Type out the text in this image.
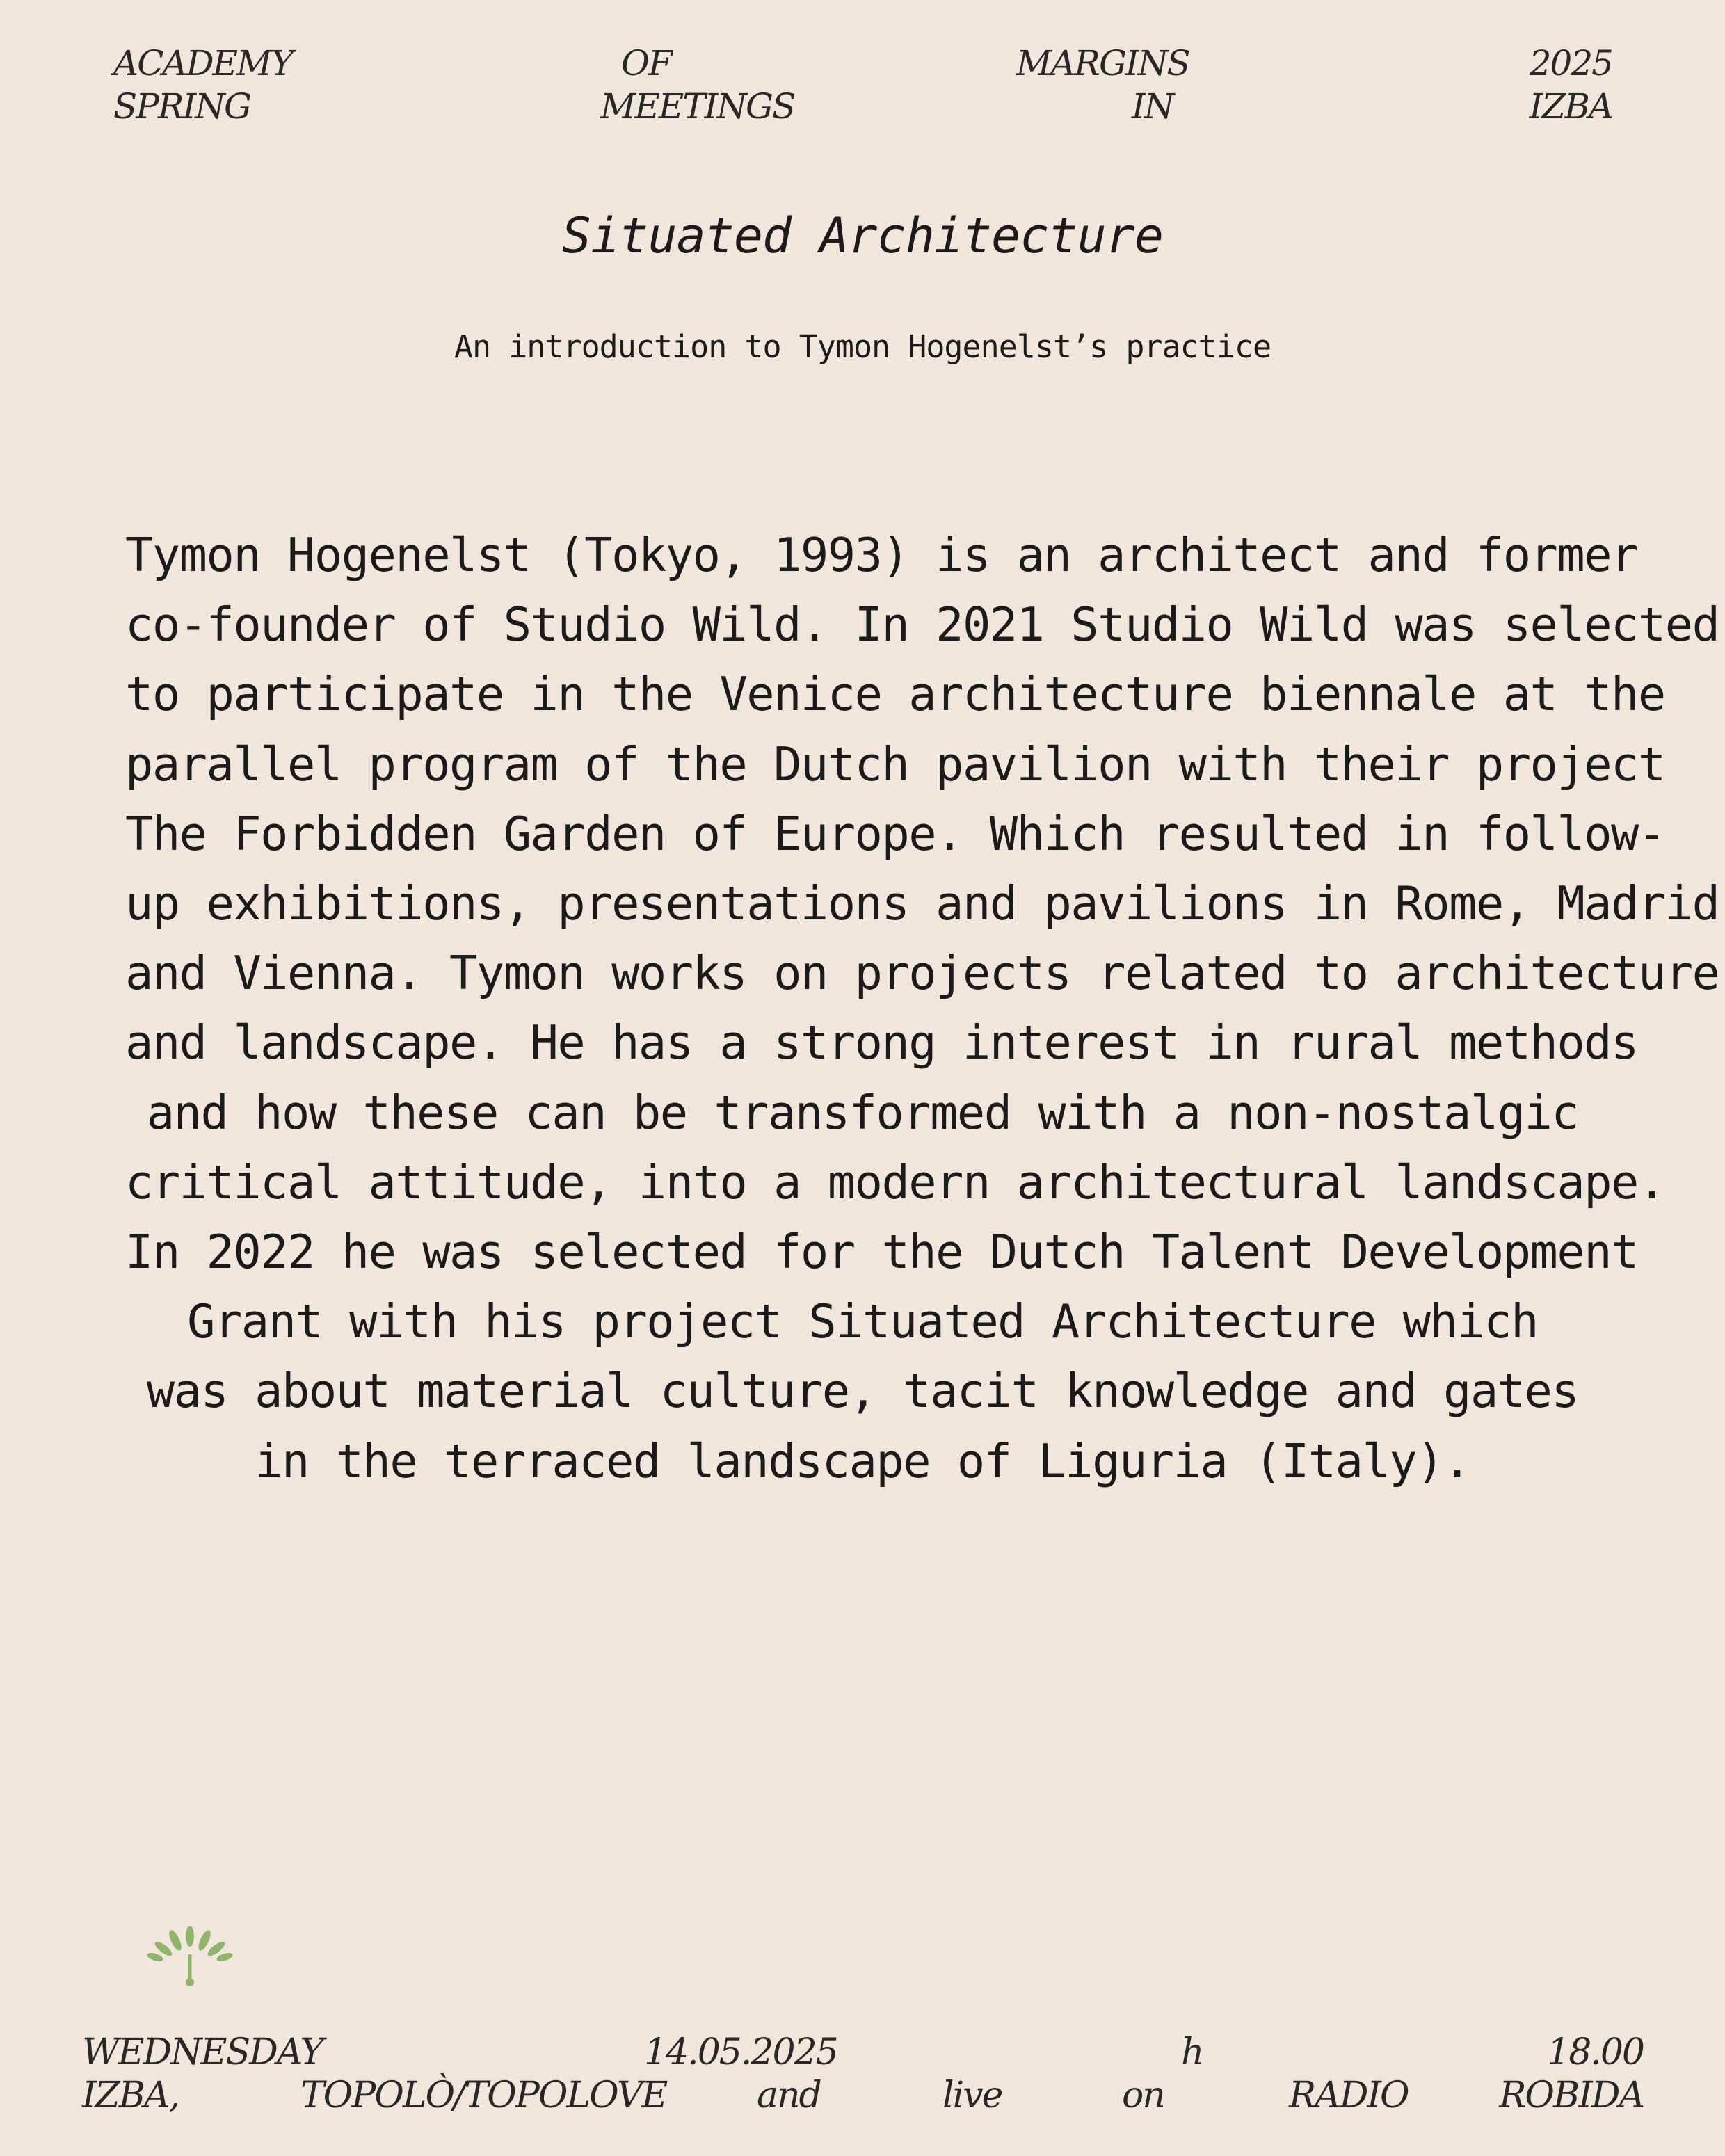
ACADEMY	OF	MARGINS	2025
SPRING	MEETINGS	IN	IZBA
Situated Architecture
An introduction to Tymon Hogenelst’s practice
Tymon Hogenelst (Tokyo, 1993) is an architect and former
co-founder of Studio Wild. In 2021 Studio Wild was selected
to participate in the Venice architecture biennale at the
parallel program of the Dutch pavilion with their project
The Forbidden Garden of Europe. Which resulted in follow-
up exhibitions, presentations and pavilions in Rome, Madrid
and Vienna. Tymon works on projects related to architecture
and landscape. He has a strong interest in rural methods
and how these can be transformed with a non-nostalgic
critical attitude, into a modern architectural landscape.
In 2022 he was selected for the Dutch Talent Development
Grant with his project Situated Architecture which
was about material culture, tacit knowledge and gates
in the terraced landscape of Liguria (Italy).
WEDNESDAY	14.05.2025	h	18.00
IZBA,	TOPOLÒ/TOPOLOVE and	live	on	RADIO	ROBIDA
